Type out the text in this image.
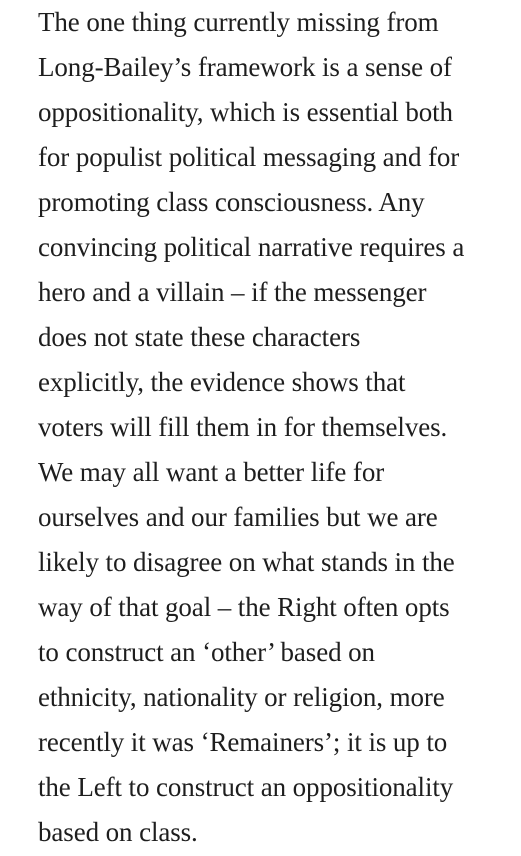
The one thing currently missing from
Long-Bailey’s framework is a sense of
oppositionality, which is essential both
for populist political messaging and for
promoting class consciousness. Any
convincing political narrative requires a
hero and a villain – if the messenger
does not state these characters
explicitly, the evidence shows that
voters will fill them in for themselves.
We may all want a better life for
ourselves and our families but we are
likely to disagree on what stands in the
way of that goal – the Right often opts
to construct an ‘other’ based on
ethnicity, nationality or religion, more
recently it was ‘Remainers’; it is up to
the Left to construct an oppositionality
based on class.
